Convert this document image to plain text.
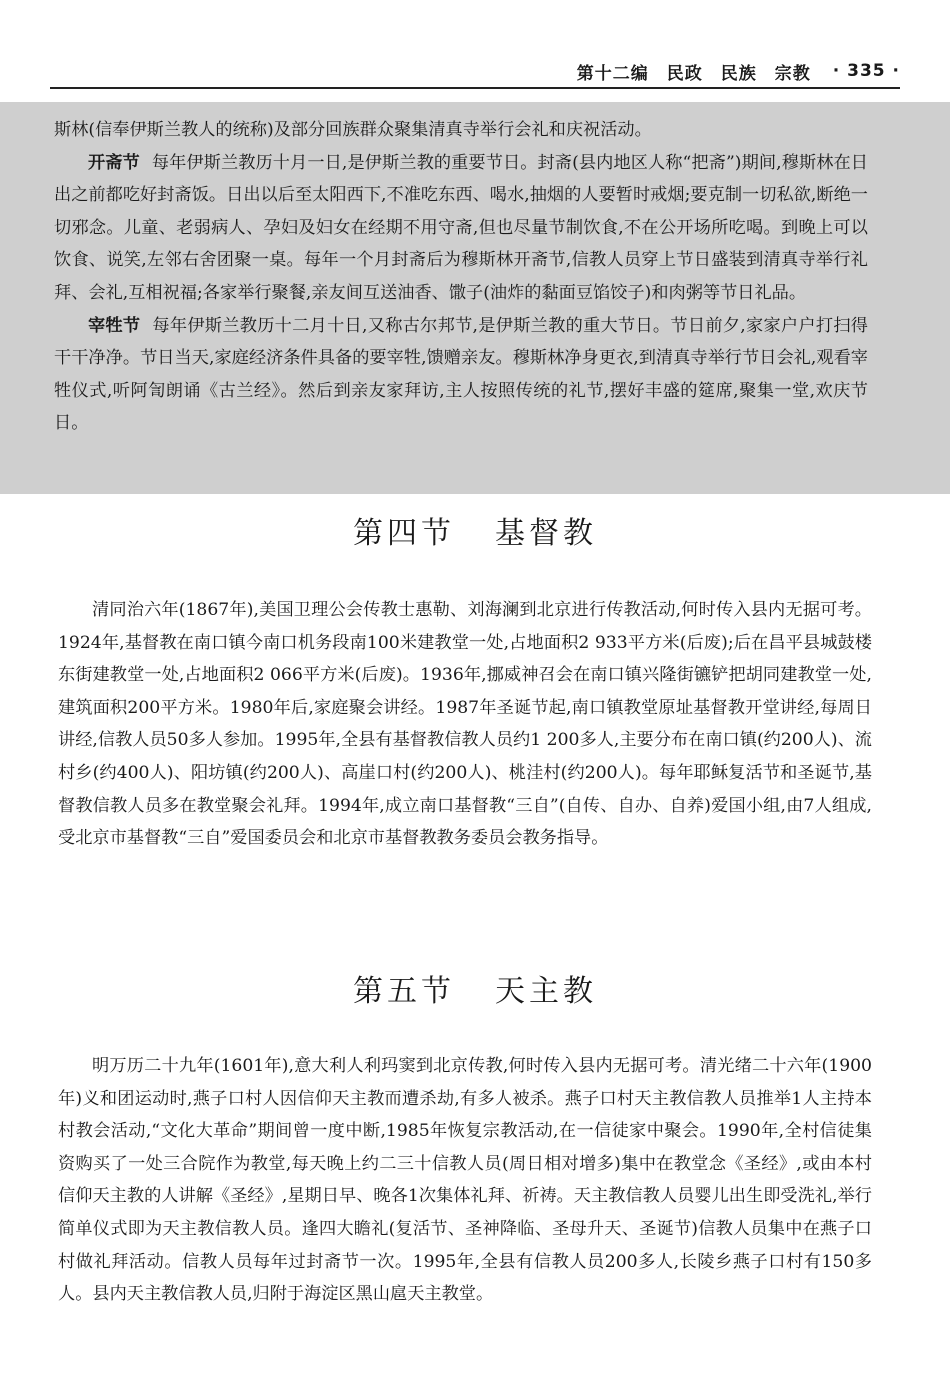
第十二编　民政　民族　宗教 · 335 ·

斯林(信奉伊斯兰教人的统称)及部分回族群众聚集清真寺举行会礼和庆祝活动。

开斋节 每年伊斯兰教历十月一日,是伊斯兰教的重要节日。封斋(县内地区人称“把斋”)期间,穆斯林在日出之前都吃好封斋饭。日出以后至太阳西下,不准吃东西、喝水,抽烟的人要暂时戒烟;要克制一切私欲,断绝一切邪念。儿童、老弱病人、孕妇及妇女在经期不用守斋,但也尽量节制饮食,不在公开场所吃喝。到晚上可以饮食、说笑,左邻右舍团聚一桌。每年一个月封斋后为穆斯林开斋节,信教人员穿上节日盛装到清真寺举行礼拜、会礼,互相祝福;各家举行聚餐,亲友间互送油香、馓子(油炸的黏面豆馅饺子)和肉粥等节日礼品。

宰牲节 每年伊斯兰教历十二月十日,又称古尔邦节,是伊斯兰教的重大节日。节日前夕,家家户户打扫得干干净净。节日当天,家庭经济条件具备的要宰牲,馈赠亲友。穆斯林净身更衣,到清真寺举行节日会礼,观看宰牲仪式,听阿訇朗诵《古兰经》。然后到亲友家拜访,主人按照传统的礼节,摆好丰盛的筵席,聚集一堂,欢庆节日。

第四节 基督教

清同治六年(1867年),美国卫理公会传教士惠勒、刘海澜到北京进行传教活动,何时传入县内无据可考。1924年,基督教在南口镇今南口机务段南100米建教堂一处,占地面积2 933平方米(后废);后在昌平县城鼓楼东街建教堂一处,占地面积2 066平方米(后废)。1936年,挪威神召会在南口镇兴隆街镳铲把胡同建教堂一处,建筑面积200平方米。1980年后,家庭聚会讲经。1987年圣诞节起,南口镇教堂原址基督教开堂讲经,每周日讲经,信教人员50多人参加。1995年,全县有基督教信教人员约1 200多人,主要分布在南口镇(约200人)、流村乡(约400人)、阳坊镇(约200人)、高崖口村(约200人)、桃洼村(约200人)。每年耶稣复活节和圣诞节,基督教信教人员多在教堂聚会礼拜。1994年,成立南口基督教“三自”(自传、自办、自养)爱国小组,由7人组成,受北京市基督教“三自”爱国委员会和北京市基督教教务委员会教务指导。

第五节 天主教

明万历二十九年(1601年),意大利人利玛窦到北京传教,何时传入县内无据可考。清光绪二十六年(1900年)义和团运动时,燕子口村人因信仰天主教而遭杀劫,有多人被杀。燕子口村天主教信教人员推举1人主持本村教会活动,“文化大革命”期间曾一度中断,1985年恢复宗教活动,在一信徒家中聚会。1990年,全村信徒集资购买了一处三合院作为教堂,每天晚上约二三十信教人员(周日相对增多)集中在教堂念《圣经》,或由本村信仰天主教的人讲解《圣经》,星期日早、晚各1次集体礼拜、祈祷。天主教信教人员婴儿出生即受洗礼,举行简单仪式即为天主教信教人员。逢四大瞻礼(复活节、圣神降临、圣母升天、圣诞节)信教人员集中在燕子口村做礼拜活动。信教人员每年过封斋节一次。1995年,全县有信教人员200多人,长陵乡燕子口村有150多人。县内天主教信教人员,归附于海淀区黑山扈天主教堂。
